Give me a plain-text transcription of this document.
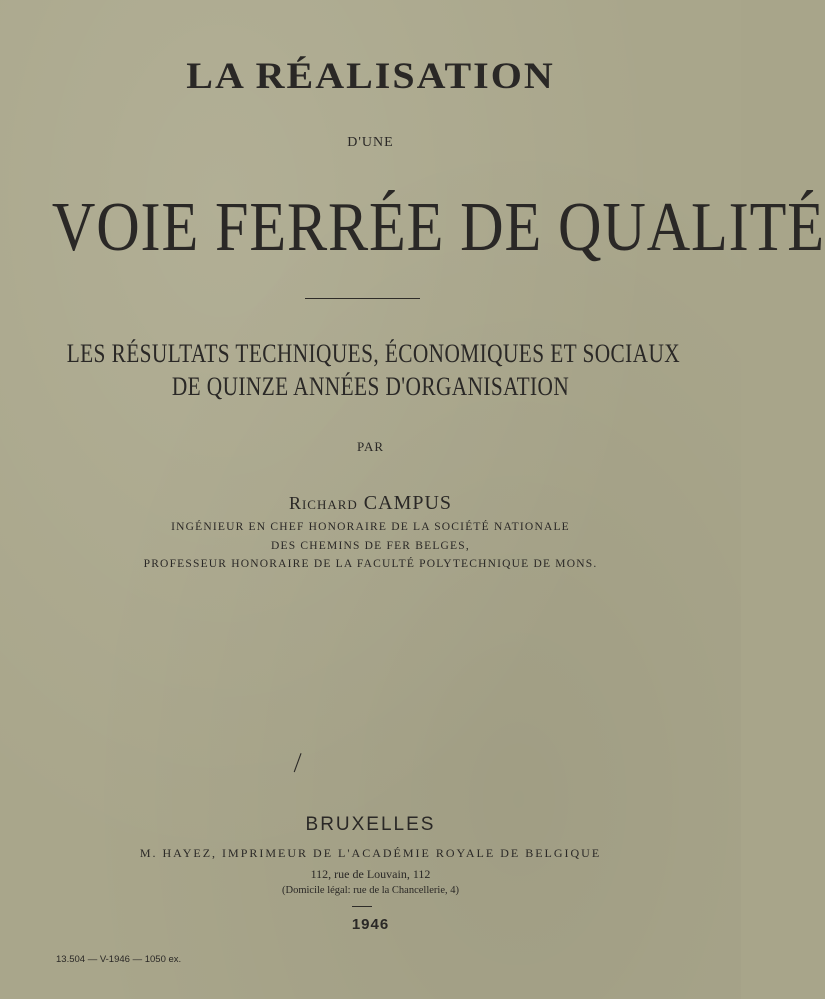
LA RÉALISATION
D'UNE
VOIE FERRÉE DE QUALITÉ
LES RÉSULTATS TECHNIQUES, ÉCONOMIQUES ET SOCIAUX
DE QUINZE ANNÉES D'ORGANISATION
PAR
Richard CAMPUS
INGÉNIEUR EN CHEF HONORAIRE DE LA SOCIÉTÉ NATIONALE
DES CHEMINS DE FER BELGES,
PROFESSEUR HONORAIRE DE LA FACULTÉ POLYTECHNIQUE DE MONS.
|
BRUXELLES
M. HAYEZ, IMPRIMEUR DE L'ACADÉMIE ROYALE DE BELGIQUE
112, rue de Louvain, 112
(Domicile légal: rue de la Chancellerie, 4)
1946
13.504 — V-1946 — 1050 ex.
